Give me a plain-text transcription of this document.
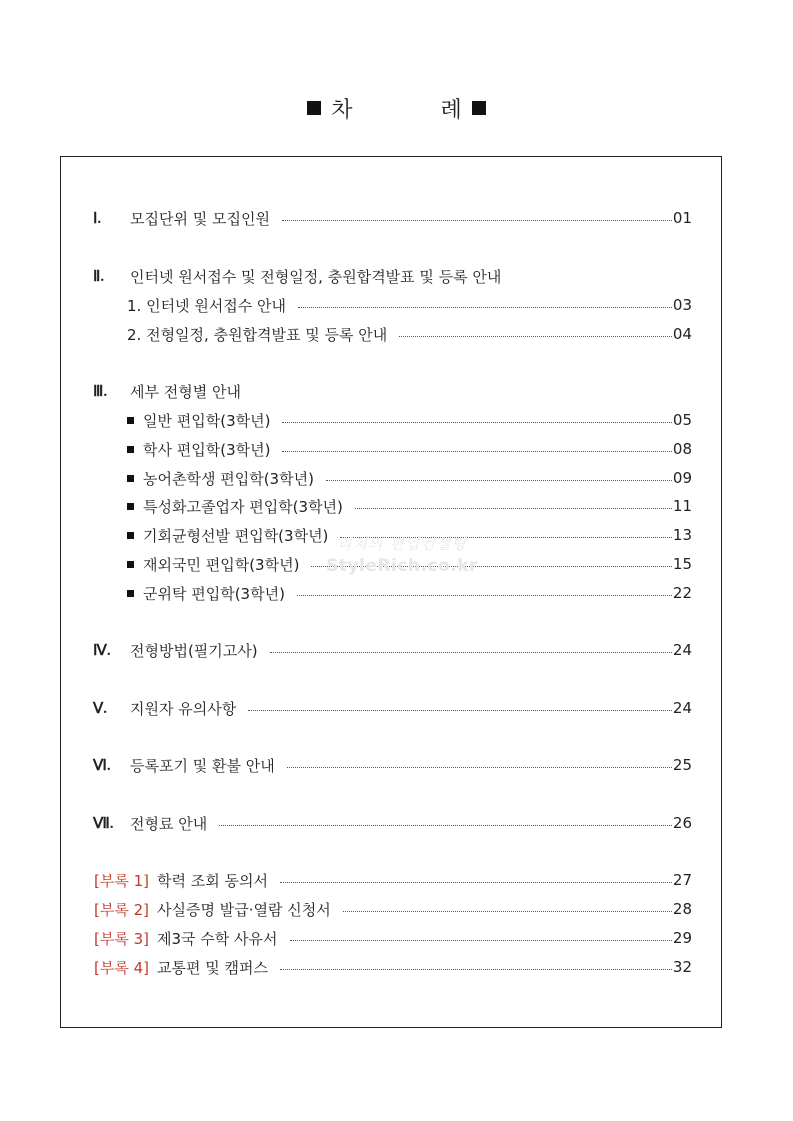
차	례
Ⅰ. 모집단위 및 모집인원	01
Ⅱ. 인터넷 원서접수 및 전형일정, 충원합격발표 및 등록 안내
1. 인터넷 원서접수 안내	03
2. 전형일정, 충원합격발표 및 등록 안내	04
Ⅲ. 세부 전형별 안내
일반 편입학(3학년)	05
학사 편입학(3학년)	08
농어촌학생 편입학(3학년)	09
특성화고졸업자 편입학(3학년)	11
기회균형선발 편입학(3학년)	13
재외국민 편입학(3학년)	15
군위탁 편입학(3학년)	22
Ⅳ. 전형방법(필기고사)	24
Ⅴ. 지원자 유의사항	24
Ⅵ. 등록포기 및 환불 안내	25
Ⅶ. 전형료 안내	26
[부록 1] 학력 조회 동의서	27
[부록 2] 사실증명 발급·열람 신청서	28
[부록 3] 제3국 수학 사유서	29
[부록 4] 교통편 및 캠퍼스	32
리치의 편입컨설팅
StyleRich.co.kr
